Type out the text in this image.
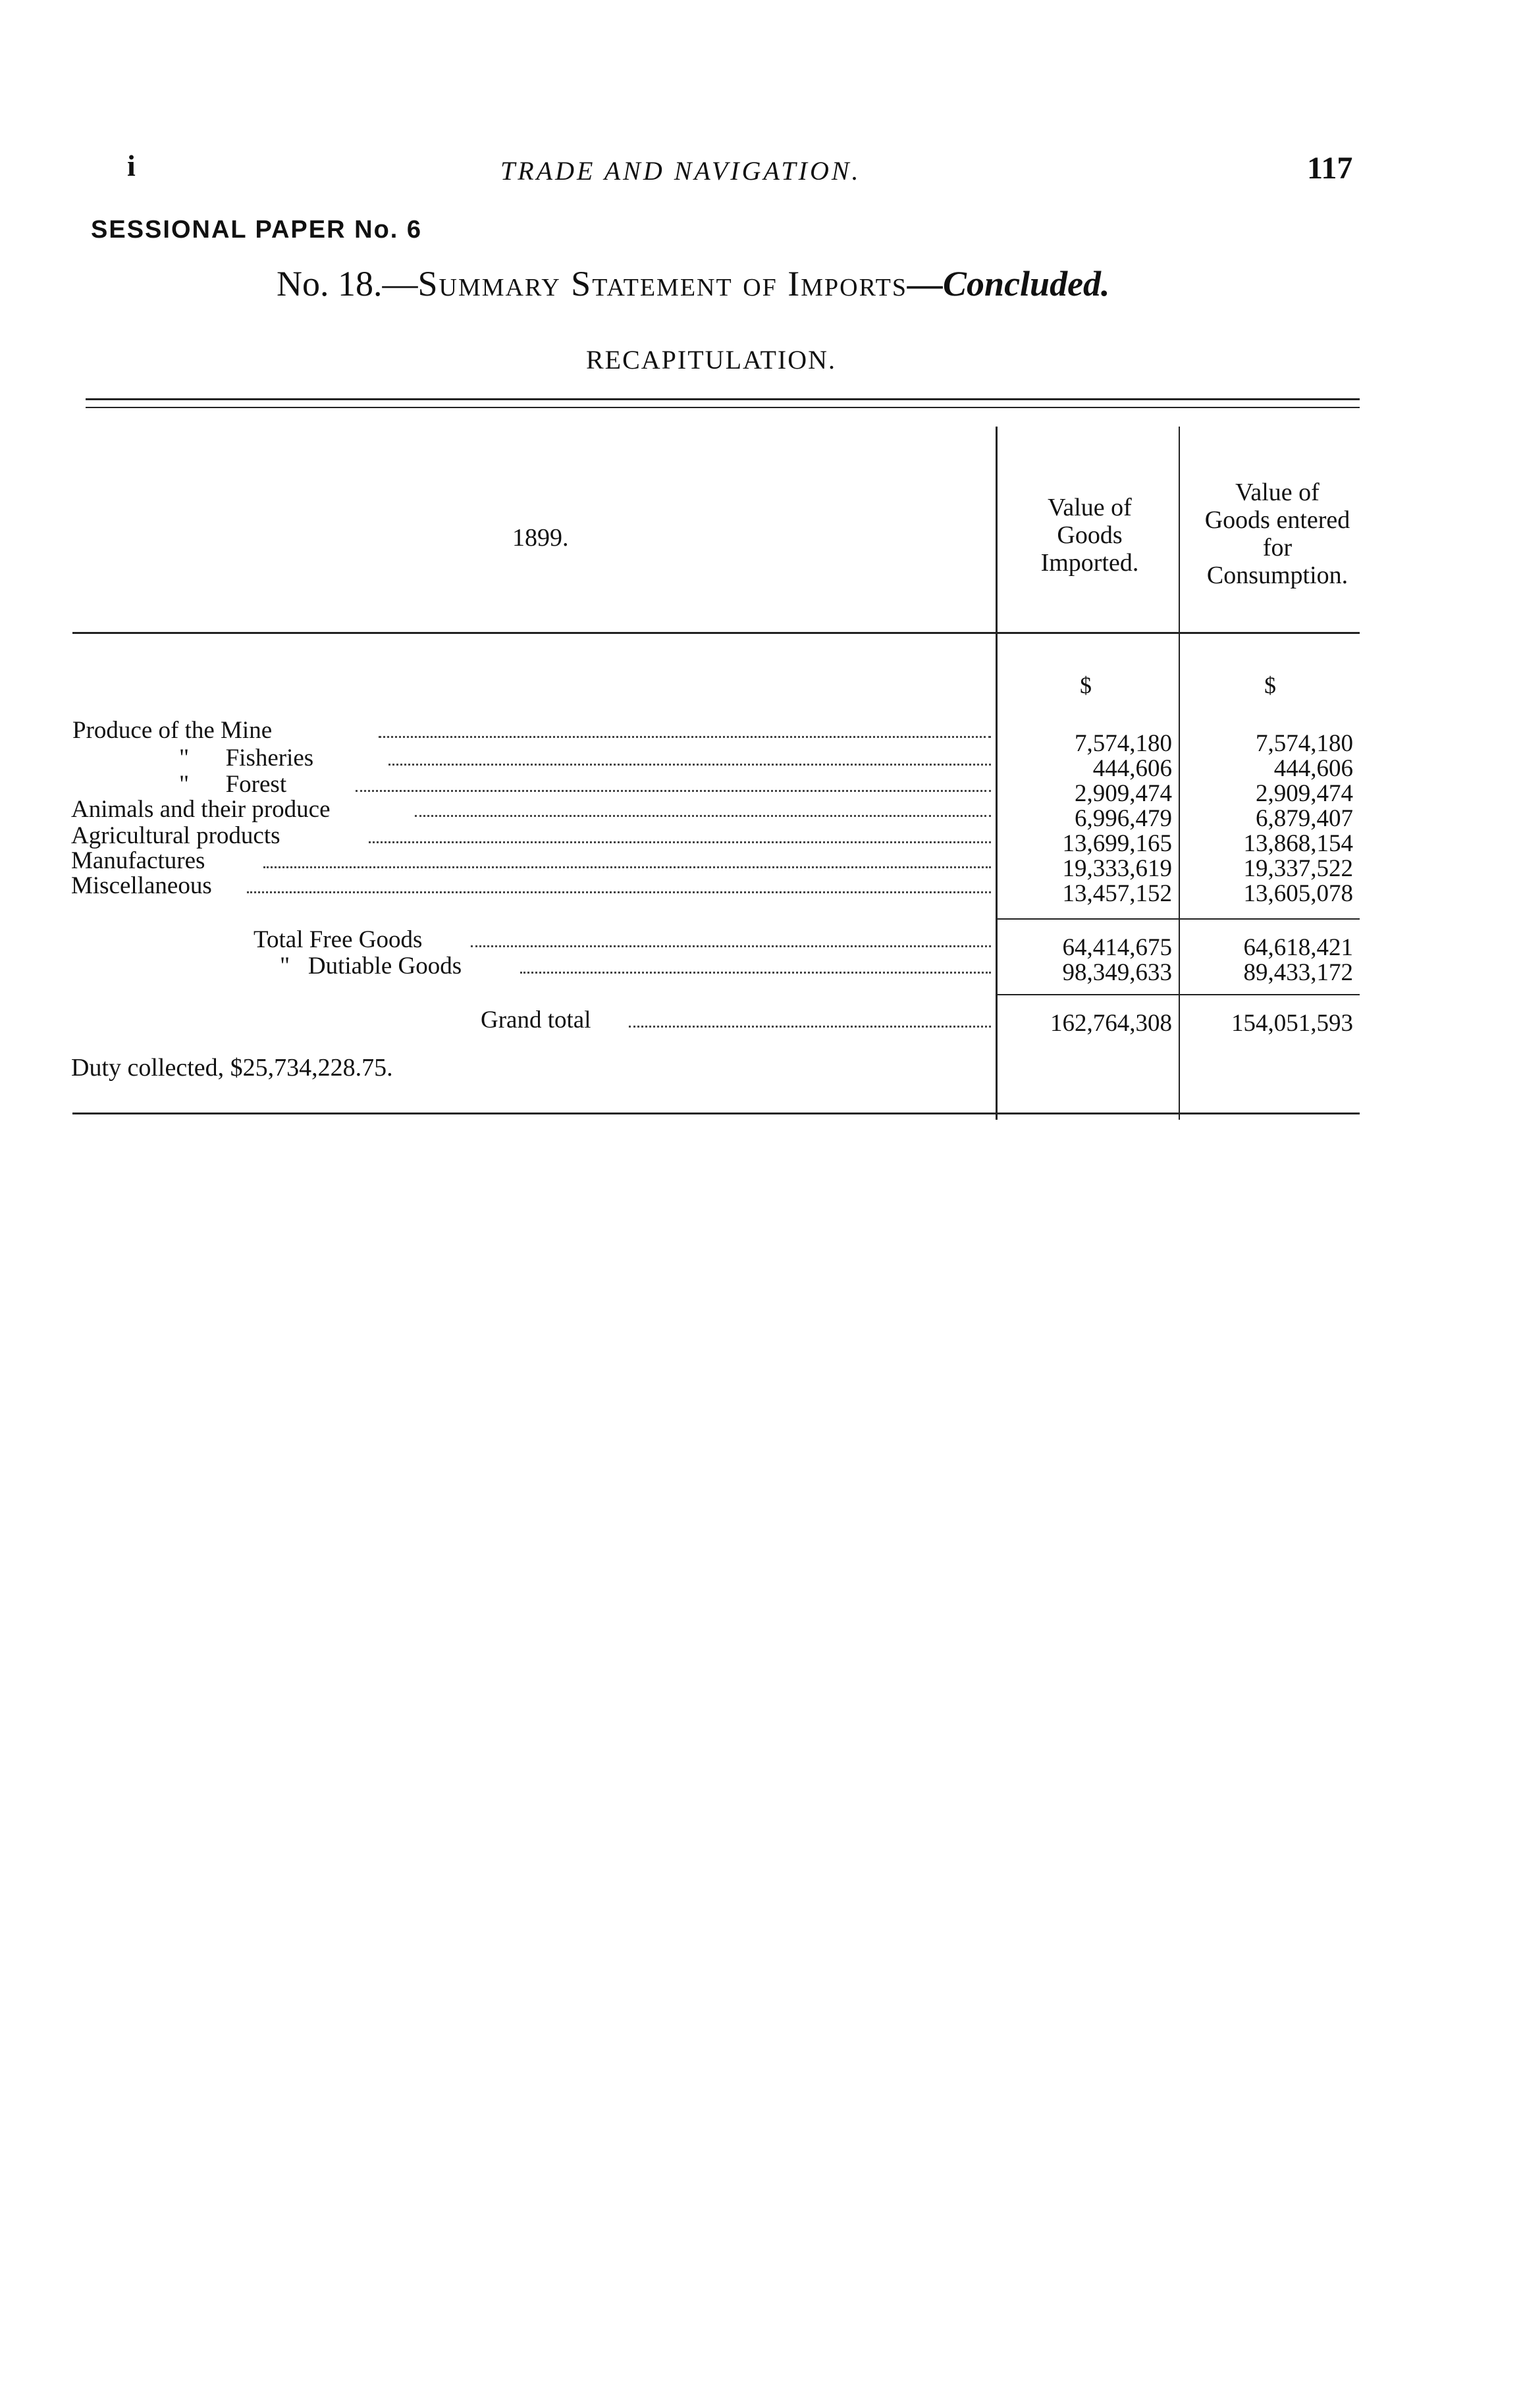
i	TRADE AND NAVIGATION.	117
SESSIONAL PAPER No. 6
No. 18.—Summary Statement of Imports—Concluded.
RECAPITULATION.
1899.
Value of
Goods
Imported.
Value of
Goods entered
for
Consumption.
$	$
Produce of the Mine	7,574,180	7,574,180
"      Fisheries	444,606	444,606
"      Forest	2,909,474	2,909,474
Animals and their produce	6,996,479	6,879,407
Agricultural products	13,699,165	13,868,154
Manufactures	19,333,619	19,337,522
Miscellaneous	13,457,152	13,605,078
Total Free Goods	64,414,675	64,618,421
"   Dutiable Goods	98,349,633	89,433,172
Grand total	162,764,308	154,051,593
Duty collected, $25,734,228.75.
